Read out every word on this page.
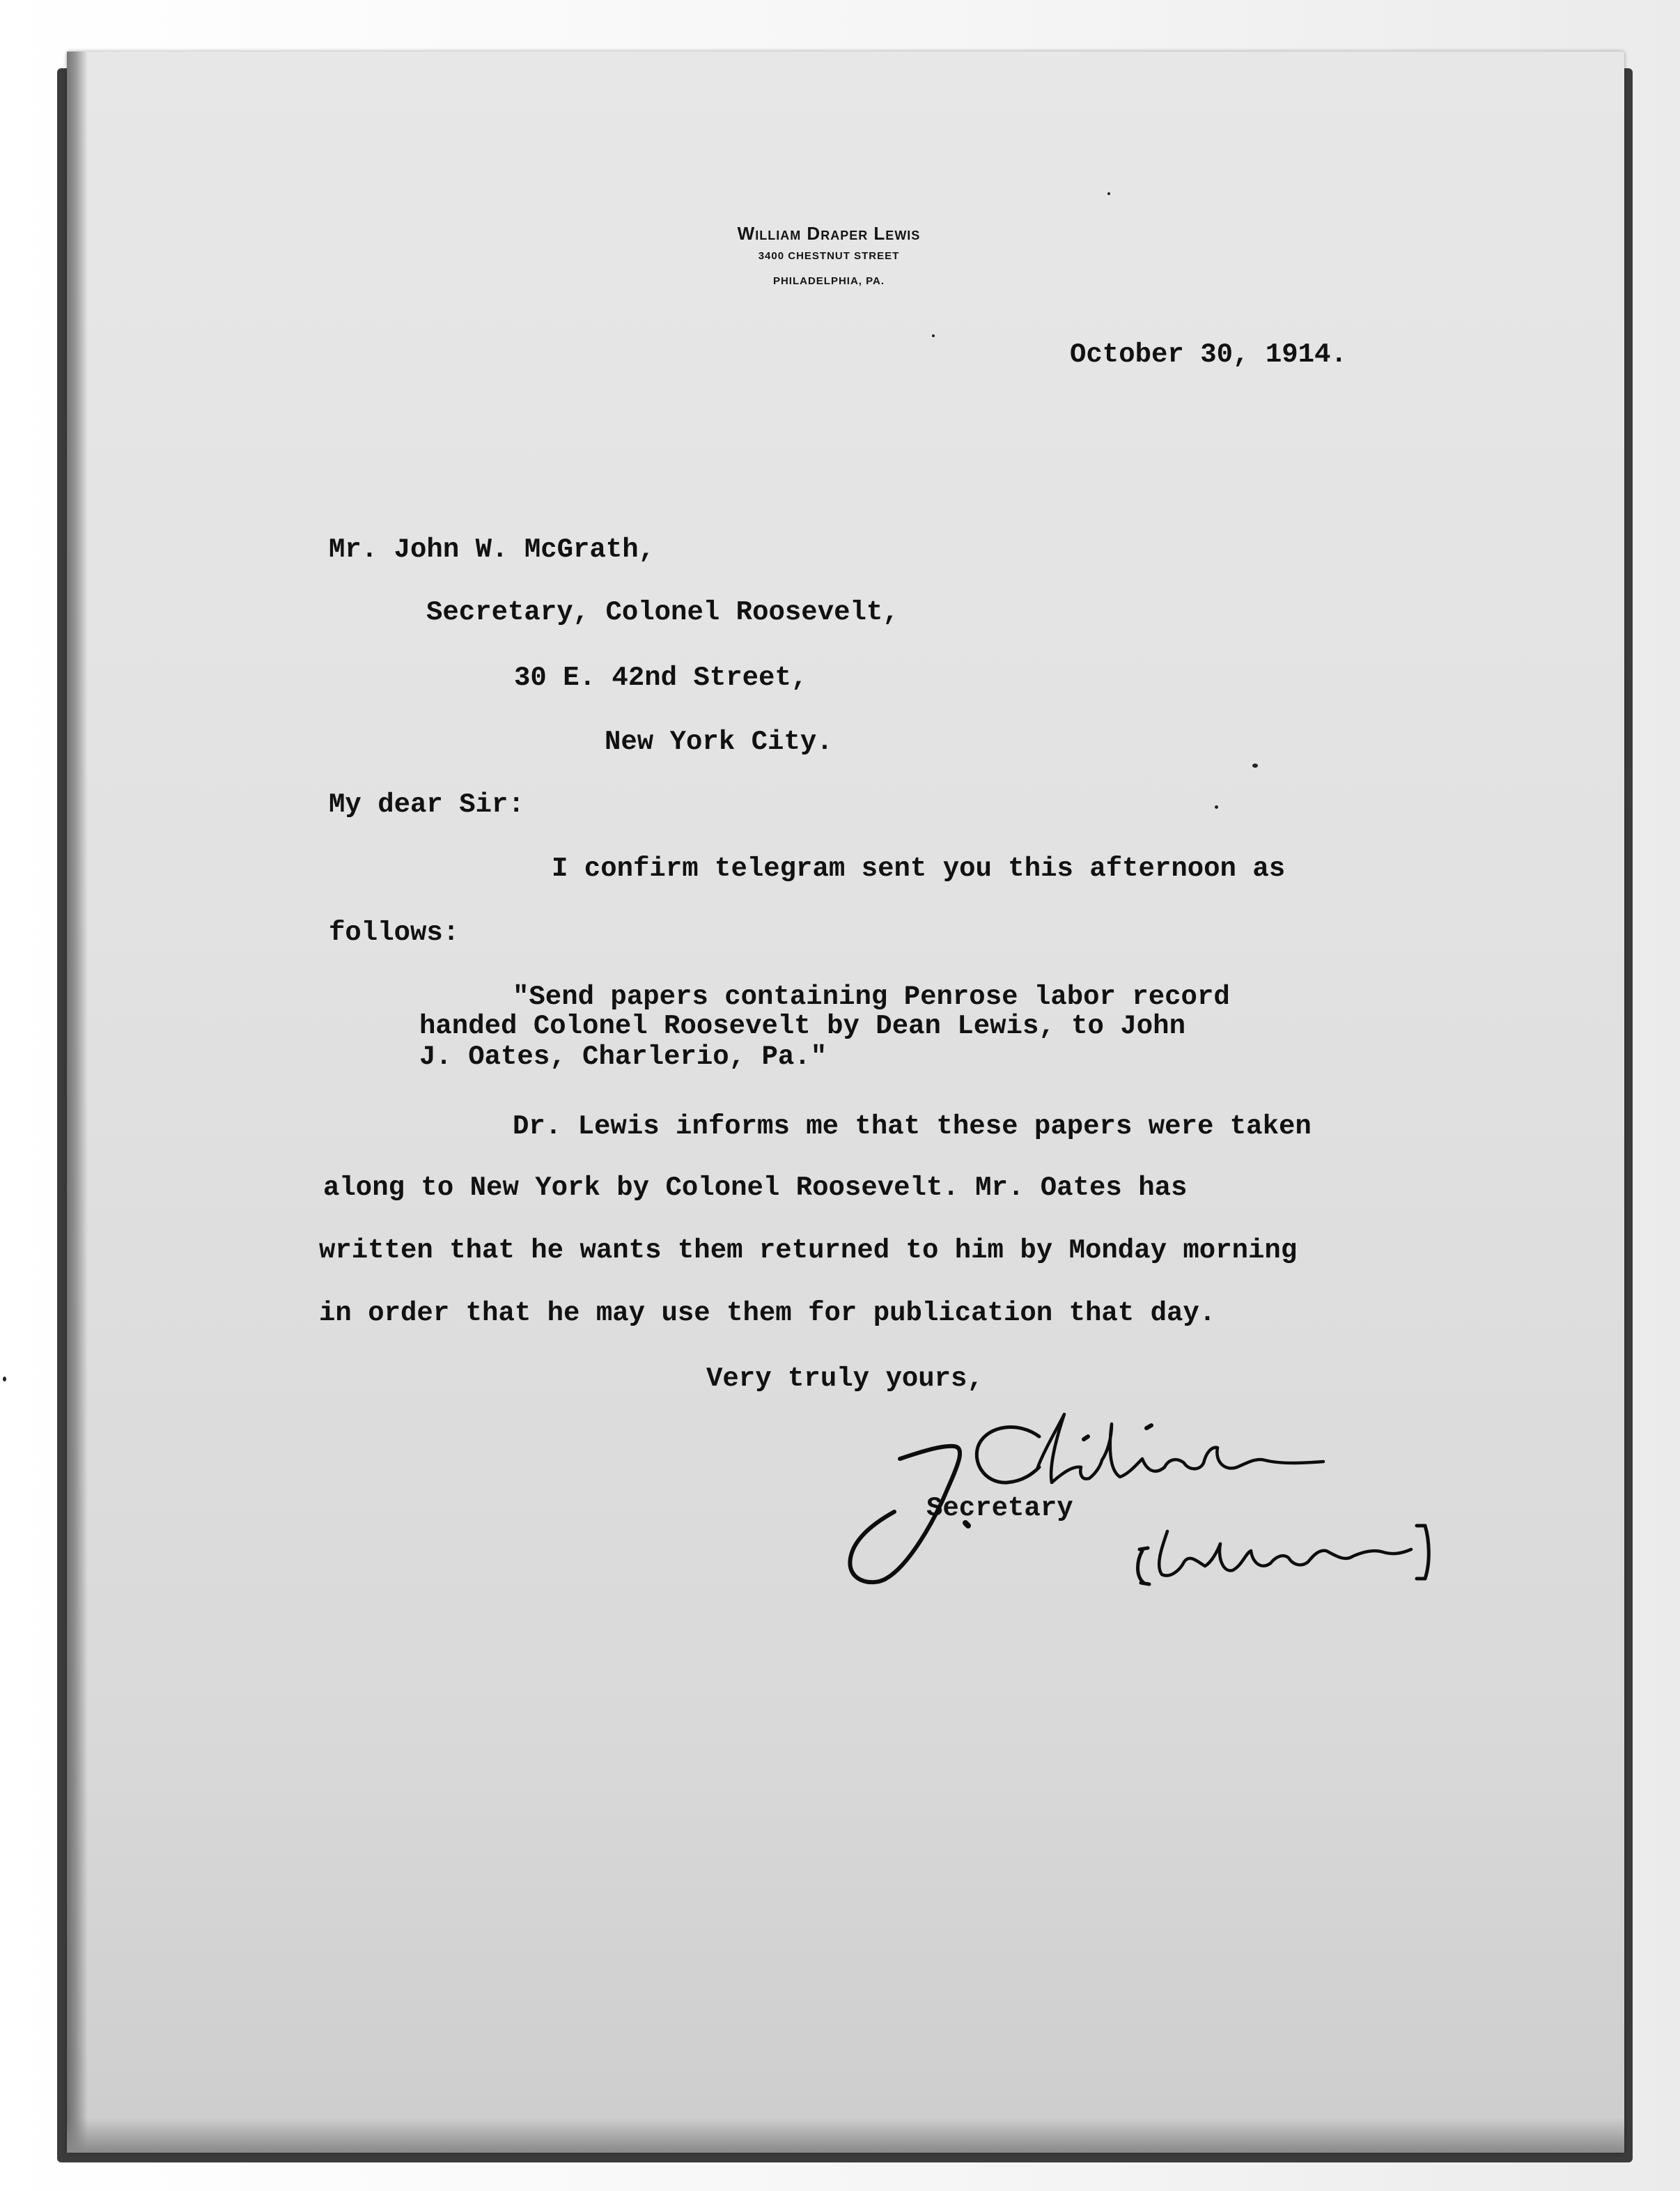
William Draper Lewis
3400 CHESTNUT STREET
PHILADELPHIA, PA.
October 30, 1914.
Mr. John W. McGrath,
Secretary, Colonel Roosevelt,
30 E. 42nd Street,
New York City.
My dear Sir:
I confirm telegram sent you this afternoon as
follows:
"Send papers containing Penrose labor record
handed Colonel Roosevelt by Dean Lewis, to John
J. Oates, Charlerio, Pa."
Dr. Lewis informs me that these papers were taken
along to New York by Colonel Roosevelt. Mr. Oates has
written that he wants them returned to him by Monday morning
in order that he may use them for publication that day.
Very truly yours,
Secretary
